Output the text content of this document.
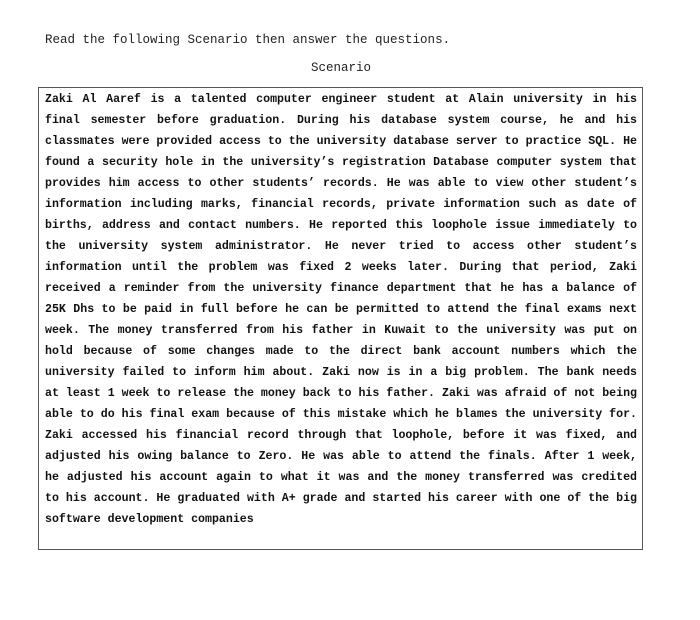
Read the following Scenario then answer the questions.
Scenario

Zaki Al Aaref is a talented computer engineer student at Alain university in his final semester before graduation. During his database system course, he and his classmates were provided access to the university database server to practice SQL. He found a security hole in the university’s registration Database computer system that provides him access to other students’ records. He was able to view other student’s information including marks, financial records, private information such as date of births, address and contact numbers. He reported this loophole issue immediately to the university system administrator. He never tried to access other student’s information until the problem was fixed 2 weeks later. During that period, Zaki received a reminder from the university finance department that he has a balance of 25K Dhs to be paid in full before he can be permitted to attend the final exams next week. The money transferred from his father in Kuwait to the university was put on hold because of some changes made to the direct bank account numbers which the university failed to inform him about. Zaki now is in a big problem. The bank needs at least 1 week to release the money back to his father. Zaki was afraid of not being able to do his final exam because of this mistake which he blames the university for. Zaki accessed his financial record through that loophole, before it was fixed, and adjusted his owing balance to Zero. He was able to attend the finals. After 1 week, he adjusted his account again to what it was and the money transferred was credited to his account. He graduated with A+ grade and started his career with one of the big software development companies
